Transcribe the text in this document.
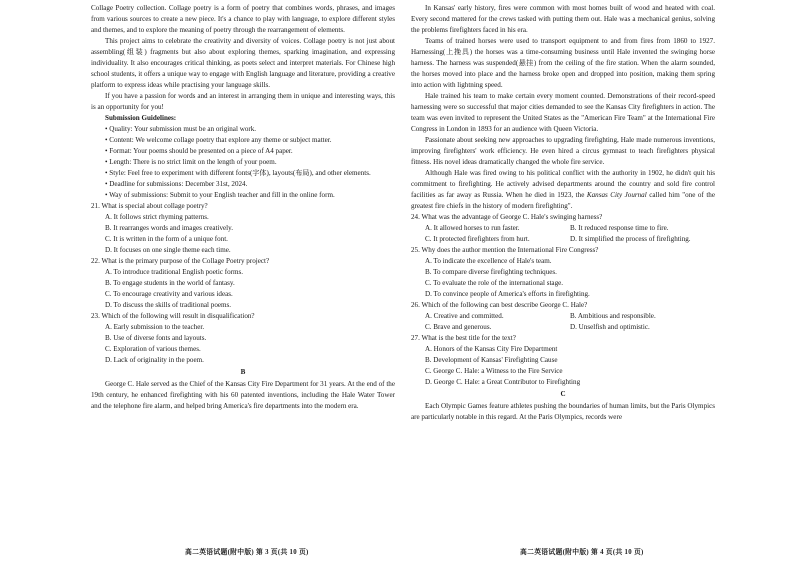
Collage Poetry collection. Collage poetry is a form of poetry that combines words, phrases, and images from various sources to create a new piece. It's a chance to play with language, to explore different styles and themes, and to explore the meaning of poetry through the rearrangement of elements.

This project aims to celebrate the creativity and diversity of voices. Collage poetry is not just about assembling(组装) fragments but also about exploring themes, sparking imagination, and expressing individuality. It also encourages critical thinking, as poets select and interpret materials. For Chinese high school students, it offers a unique way to engage with English language and literature, providing a creative platform to express ideas while practising your language skills.

If you have a passion for words and an interest in arranging them in unique and interesting ways, this is an opportunity for you!

Submission Guidelines:

• Quality: Your submission must be an original work.

• Content: We welcome collage poetry that explore any theme or subject matter.

• Format: Your poems should be presented on a piece of A4 paper.

• Length: There is no strict limit on the length of your poem.

• Style: Feel free to experiment with different fonts(字体), layouts(布局), and other elements.

• Deadline for submissions: December 31st, 2024.

• Way of submissions: Submit to your English teacher and fill in the online form.

21. What is special about collage poetry?

A. It follows strict rhyming patterns.

B. It rearranges words and images creatively.

C. It is written in the form of a unique font.

D. It focuses on one single theme each time.

22. What is the primary purpose of the Collage Poetry project?

A. To introduce traditional English poetic forms.

B. To engage students in the world of fantasy.

C. To encourage creativity and various ideas.

D. To discuss the skills of traditional poems.

23. Which of the following will result in disqualification?

A. Early submission to the teacher.

B. Use of diverse fonts and layouts.

C. Exploration of various themes.

D. Lack of originality in the poem.

B

George C. Hale served as the Chief of the Kansas City Fire Department for 31 years. At the end of the 19th century, he enhanced firefighting with his 60 patented inventions, including the Hale Water Tower and the telephone fire alarm, and helped bring America's fire departments into the modern era.

In Kansas' early history, fires were common with most homes built of wood and heated with coal. Every second mattered for the crews tasked with putting them out. Hale was a mechanical genius, solving the problems firefighters faced in his era.

Teams of trained horses were used to transport equipment to and from fires from 1860 to 1927. Harnessing(上挽具) the horses was a time-consuming business until Hale invented the swinging horse harness. The harness was suspended(悬挂) from the ceiling of the fire station. When the alarm sounded, the horses moved into place and the harness broke open and dropped into position, making them spring into action with lightning speed.

Hale trained his team to make certain every moment counted. Demonstrations of their record-speed harnessing were so successful that major cities demanded to see the Kansas City firefighters in action. The team was even invited to represent the United States as the "American Fire Team" at the International Fire Congress in London in 1893 for an audience with Queen Victoria.

Passionate about seeking new approaches to upgrading firefighting, Hale made numerous inventions, improving firefighters' work efficiency. He even hired a circus gymnast to teach firefighters physical fitness. His novel ideas dramatically changed the whole fire service.

Although Hale was fired owing to his political conflict with the authority in 1902, he didn't quit his commitment to firefighting. He actively advised departments around the country and sold fire control facilities as far away as Russia. When he died in 1923, the Kansas City Journal called him "one of the greatest fire chiefs in the history of modern firefighting".

24. What was the advantage of George C. Hale's swinging harness?

A. It allowed horses to run faster.	B. It reduced response time to fire.
C. It protected firefighters from hurt.	D. It simplified the process of firefighting.

25. Why does the author mention the International Fire Congress?

A. To indicate the excellence of Hale's team.

B. To compare diverse firefighting techniques.

C. To evaluate the role of the international stage.

D. To convince people of America's efforts in firefighting.

26. Which of the following can best describe George C. Hale?

A. Creative and committed.	B. Ambitious and responsible.
C. Brave and generous.	D. Unselfish and optimistic.

27. What is the best title for the text?

A. Honors of the Kansas City Fire Department

B. Development of Kansas' Firefighting Cause

C. George C. Hale: a Witness to the Fire Service

D. George C. Hale: a Great Contributor to Firefighting

C

Each Olympic Games feature athletes pushing the boundaries of human limits, but the Paris Olympics are particularly notable in this regard. At the Paris Olympics, records were

高二英语试题(附中版) 第 3 页(共 10 页)	高二英语试题(附中版) 第 4 页(共 10 页)
